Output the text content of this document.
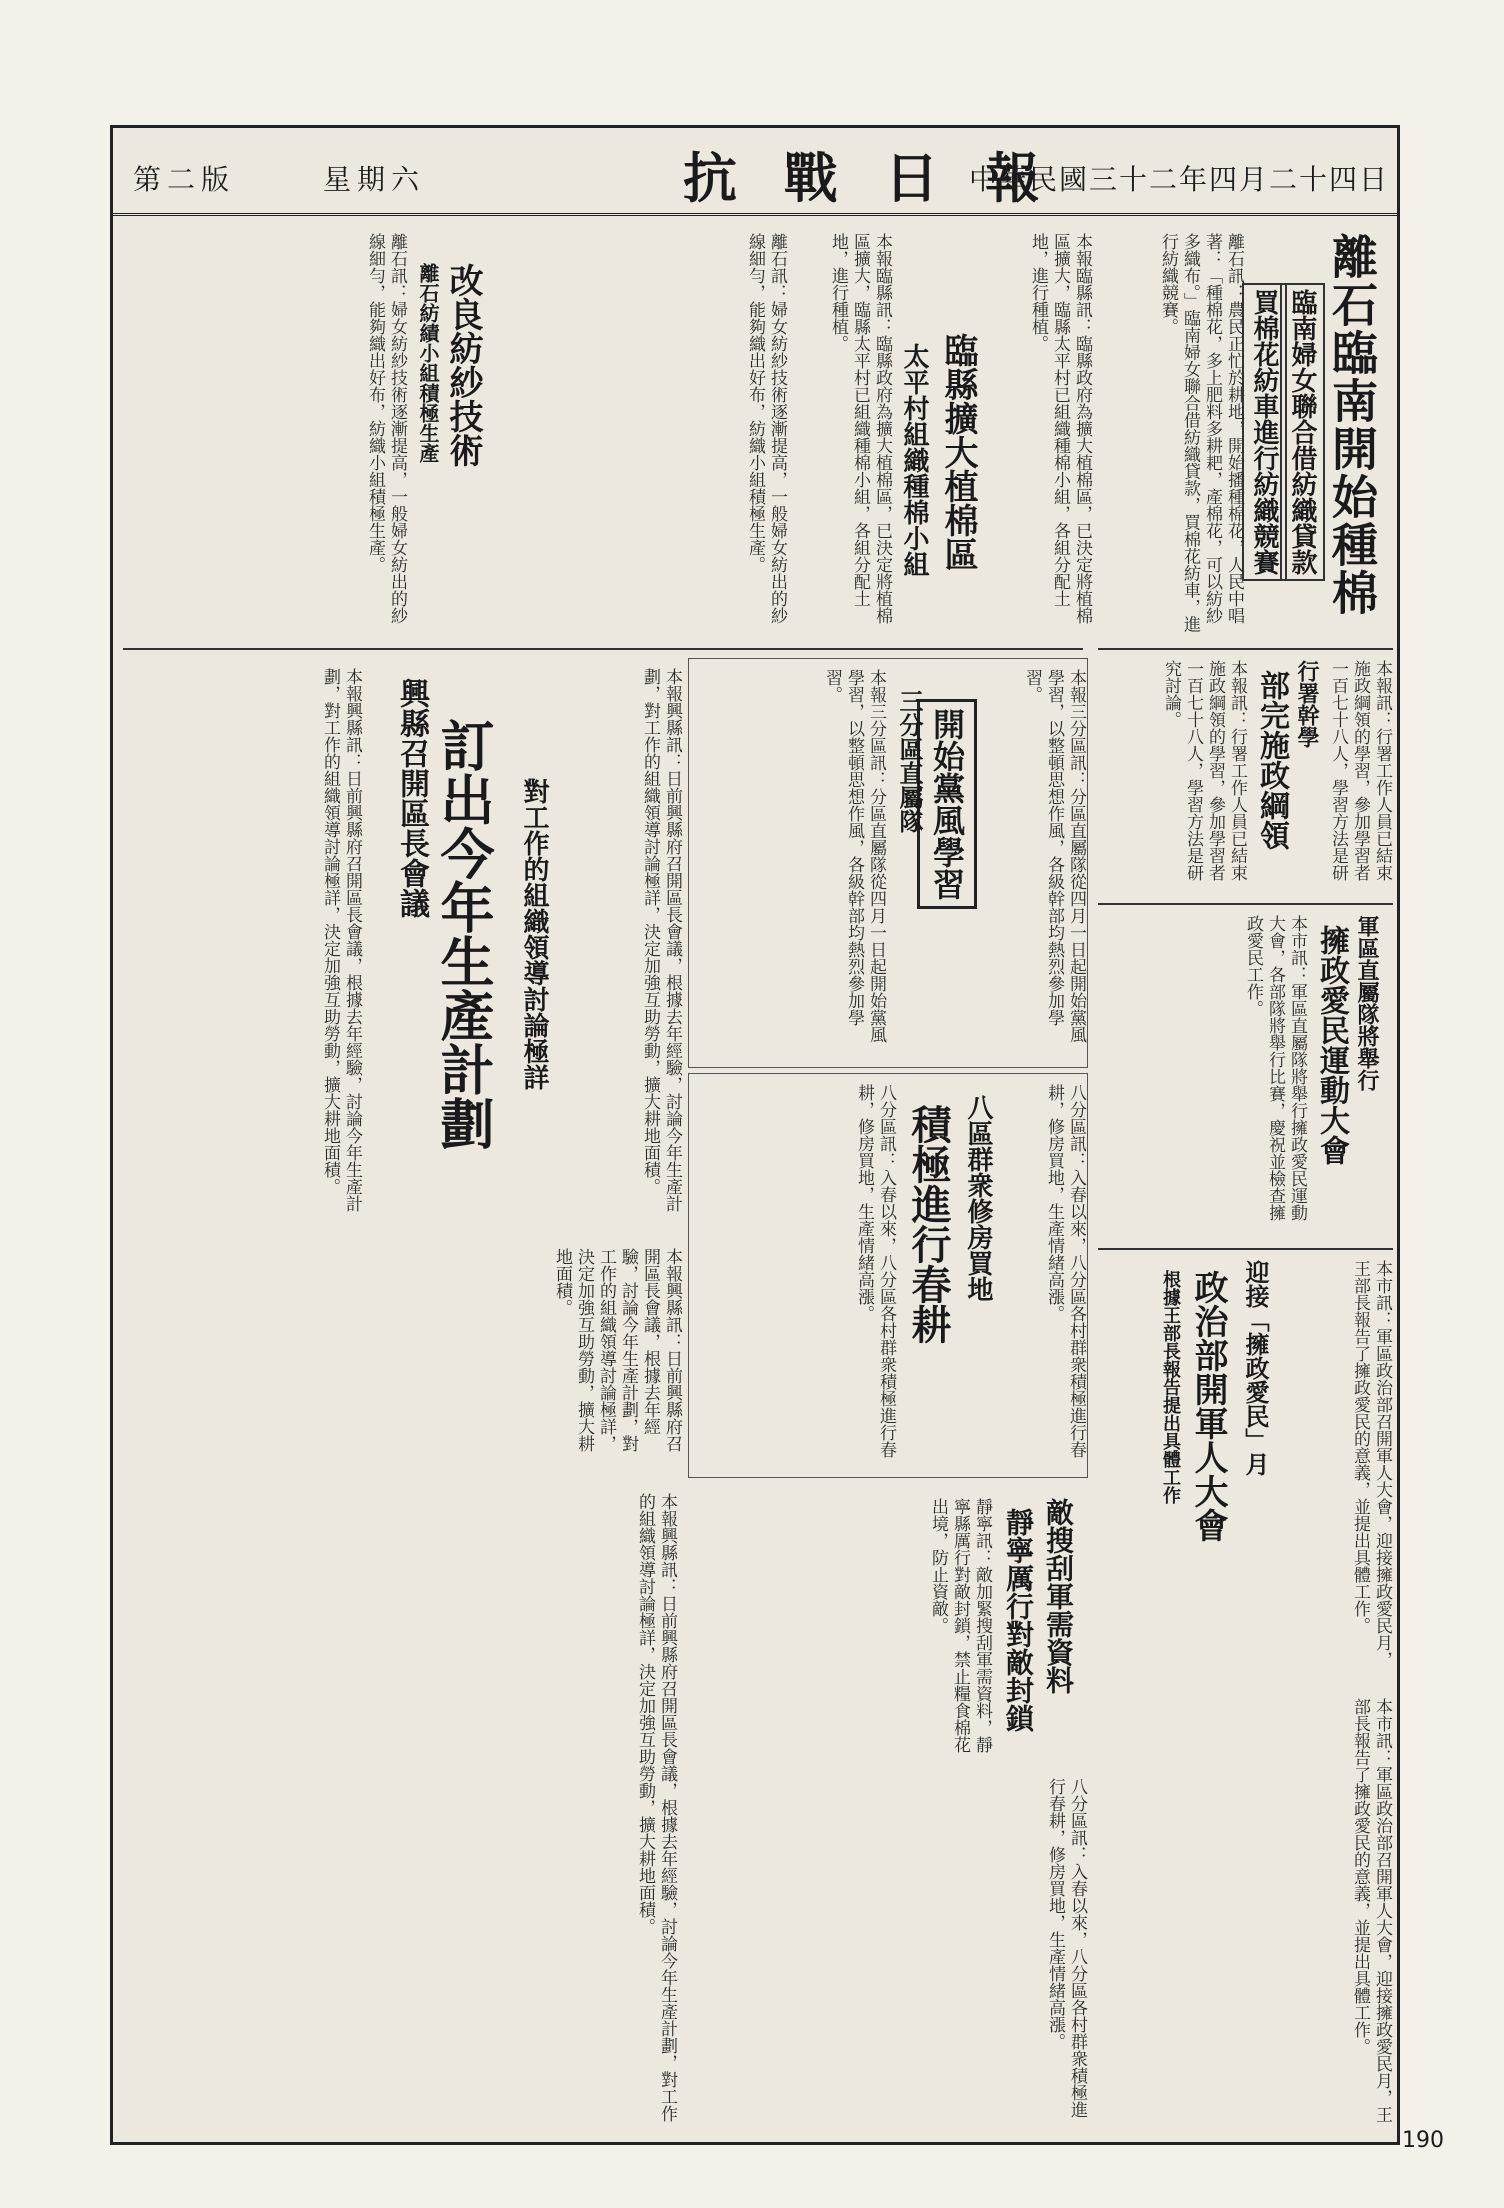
中華民國三十二年四月二十四日
抗 戰 日 報
星期六
第二版
離石臨南開始種棉
臨南婦女聯合借紡織貸款
買棉花紡車進行紡織競賽
離石訊：農民正忙於耕地，開始播種棉花，人民中唱著：「種棉花，多上肥料多耕耙，產棉花，可以紡紗多織布。」臨南婦女聯合借紡織貸款，買棉花紡車，進行紡織競賽。
臨縣擴大植棉區
太平村組織種棉小組	本報臨縣訊：臨縣政府為擴大植棉區，已決定將植棉區擴大，臨縣太平村已組織種棉小組，各組分配土地，進行種植。
本報臨縣訊：臨縣政府為擴大植棉區，已決定將植棉區擴大，臨縣太平村已組織種棉小組，各組分配土地，進行種植。
改良紡紗技術
離石紡績小組積極生產
離石訊：婦女紡紗技術逐漸提高，一般婦女紡出的紗線細勻，能夠織出好布，紡織小組積極生產。	離石訊：婦女紡紗技術逐漸提高，一般婦女紡出的紗線細勻，能夠織出好布，紡織小組積極生產。
興縣召開區長會議 訂出今年生產計劃 對工作的組織領導討論極詳	本報興縣訊：日前興縣府召開區長會議，根據去年經驗，討論今年生產計劃，對工作的組織領導討論極詳，決定加強互助勞動，擴大耕地面積。
本報興縣訊：日前興縣府召開區長會議，根據去年經驗，討論今年生產計劃，對工作的組織領導討論極詳，決定加強互助勞動，擴大耕地面積。
本報興縣訊：日前興縣府召開區長會議，根據去年經驗，討論今年生產計劃，對工作的組織領導討論極詳，決定加強互助勞動，擴大耕地面積。
開始黨風學習
三分區直屬隊	本報三分區訊：分區直屬隊從四月一日起開始黨風學習，以整頓思想作風，各級幹部均熱烈參加學習。
本報三分區訊：分區直屬隊從四月一日起開始黨風學習，以整頓思想作風，各級幹部均熱烈參加學習。
八區群衆修房買地
積極進行春耕
八分區訊：入春以來，八分區各村群衆積極進行春耕，修房買地，生產情緒高漲。	八分區訊：入春以來，八分區各村群衆積極進行春耕，修房買地，生產情緒高漲。
行署幹學
部完施政綱領
本報訊：行署工作人員已結束施政綱領的學習，參加學習者一百七十八人，學習方法是研
本報訊：行署工作人員已結束施政綱領的學習，參加學習者一百七十八人，學習方法是研究討論。
軍區直屬隊將舉行
擁政愛民運動大會
本市訊：軍區直屬隊將舉行擁政愛民運動大會，各部隊將舉行比賽，慶祝並檢查擁政愛民工作。
迎接「擁政愛民」月
政治部開軍人大會
根據王部長報告提出具體工作	本市訊：軍區政治部召開軍人大會，迎接擁政愛民月，王部長報告了擁政愛民的意義，並提出具體工作。
敵搜刮軍需資料
靜寧厲行對敵封鎖
靜寧訊：敵加緊搜刮軍需資料，靜寧縣厲行對敵封鎖，禁止糧食棉花出境，防止資敵。
本報興縣訊：日前興縣府召開區長會議，根據去年經驗，討論今年生產計劃，對工作的組織領導討論極詳，決定加強互助勞動，擴大耕地面積。
八分區訊：入春以來，八分區各村群衆積極進行春耕，修房買地，生產情緒高漲。	本市訊：軍區政治部召開軍人大會，迎接擁政愛民月，王部長報告了擁政愛民的意義，並提出具體工作。
190
